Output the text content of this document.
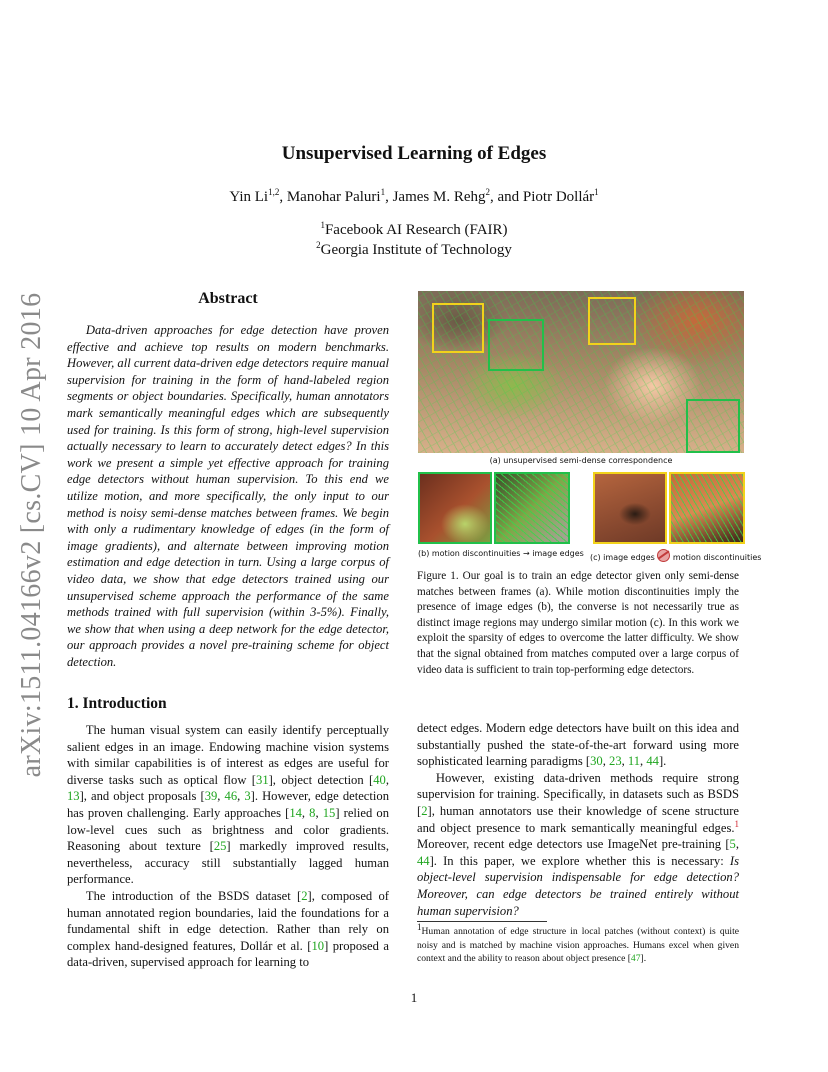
arXiv:1511.04166v2 [cs.CV] 10 Apr 2016
Unsupervised Learning of Edges
Yin Li$^{1,2}$, Manohar Paluri$^1$, James M. Rehg$^2$, and Piotr Dollár$^1$
$^1$Facebook AI Research (FAIR)
$^2$Georgia Institute of Technology
Abstract

Data-driven approaches for edge detection have proven effective and achieve top results on modern benchmarks. However, all current data-driven edge detectors require manual supervision for training in the form of hand-labeled region segments or object boundaries. Specifically, human annotators mark semantically meaningful edges which are subsequently used for training. Is this form of strong, high-level supervision actually necessary to learn to accurately detect edges? In this work we present a simple yet effective approach for training edge detectors without human supervision. To this end we utilize motion, and more specifically, the only input to our method is noisy semi-dense matches between frames. We begin with only a rudimentary knowledge of edges (in the form of image gradients), and alternate between improving motion estimation and edge detection in turn. Using a large corpus of video data, we show that edge detectors trained using our unsupervised scheme approach the performance of the same methods trained with full supervision (within 3-5%). Finally, we show that when using a deep network for the edge detector, our approach provides a novel pre-training scheme for object detection.

(a) unsupervised semi-dense correspondence
(b) motion discontinuities → image edges (c) image edges motion discontinuities
Figure 1. Our goal is to train an edge detector given only semi-dense matches between frames (a). While motion discontinuities imply the presence of image edges (b), the converse is not necessarily true as distinct image regions may undergo similar motion (c). In this work we exploit the sparsity of edges to overcome the latter difficulty. We show that the signal obtained from matches computed over a large corpus of video data is sufficient to train top-performing edge detectors.
1. Introduction

The human visual system can easily identify perceptually salient edges in an image. Endowing machine vision systems with similar capabilities is of interest as edges are useful for diverse tasks such as optical flow [31], object detection [40, 13], and object proposals [39, 46, 3]. However, edge detection has proven challenging. Early approaches [14, 8, 15] relied on low-level cues such as brightness and color gradients. Reasoning about texture [25] markedly improved results, nevertheless, accuracy still substantially lagged human performance.

The introduction of the BSDS dataset [2], composed of human annotated region boundaries, laid the foundations for a fundamental shift in edge detection. Rather than rely on complex hand-designed features, Dollár et al. [10] proposed a data-driven, supervised approach for learning to

detect edges. Modern edge detectors have built on this idea and substantially pushed the state-of-the-art forward using more sophisticated learning paradigms [30, 23, 11, 44].

However, existing data-driven methods require strong supervision for training. Specifically, in datasets such as BSDS [2], human annotators use their knowledge of scene structure and object presence to mark semantically meaningful edges.$^1$ Moreover, recent edge detectors use ImageNet pre-training [5, 44]. In this paper, we explore whether this is necessary: Is object-level supervision indispensable for edge detection? Moreover, can edge detectors be trained entirely without human supervision?

$^1$Human annotation of edge structure in local patches (without context) is quite noisy and is matched by machine vision approaches. Humans excel when given context and the ability to reason about object presence [47].
1
